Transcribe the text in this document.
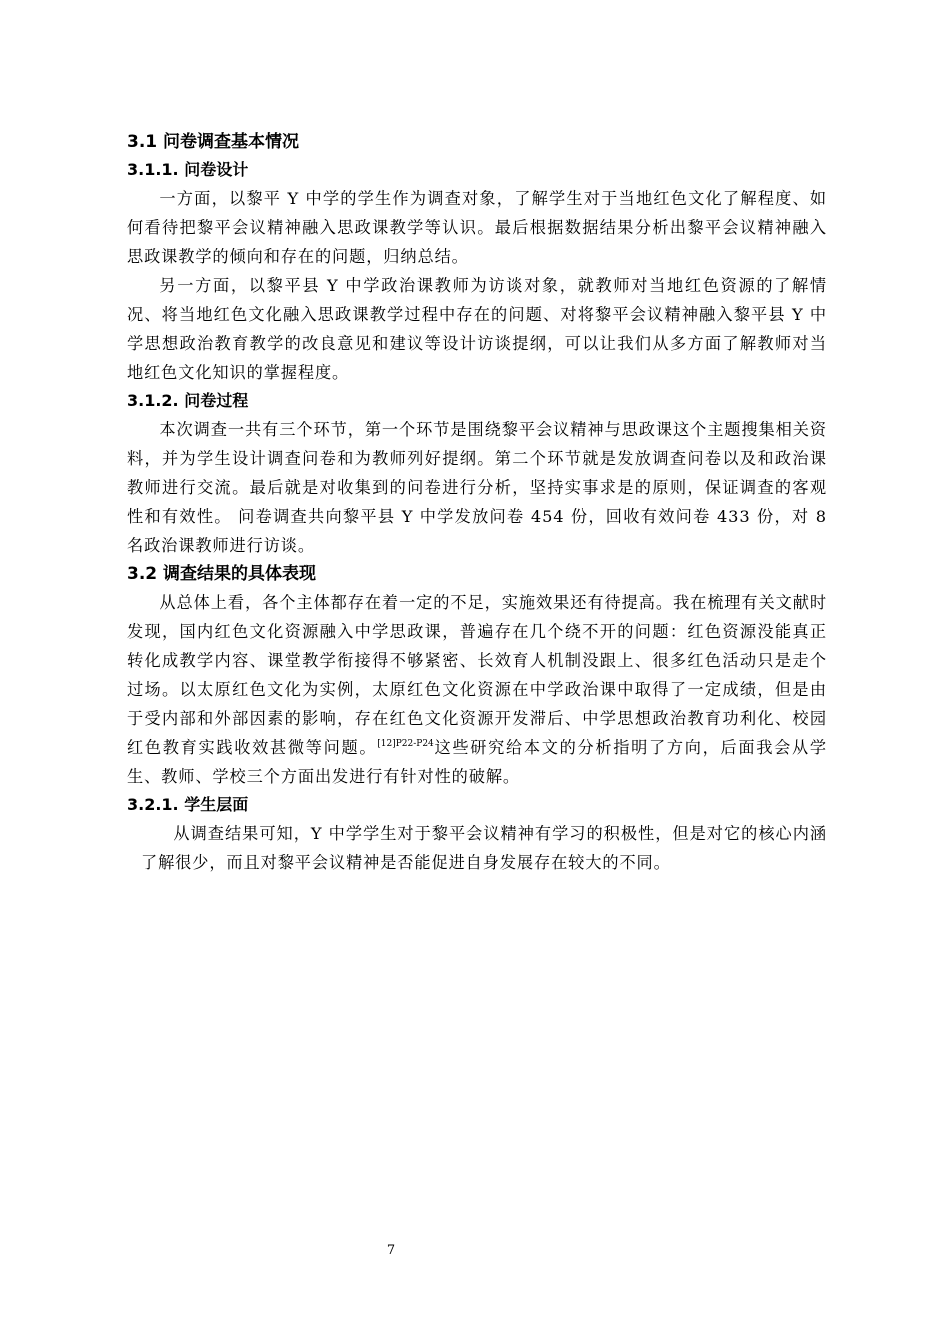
3.1 问卷调查基本情况
3.1.1. 问卷设计

一方面，以黎平 Y 中学的学生作为调查对象，了解学生对于当地红色文化了解程度、如何看待把黎平会议精神融入思政课教学等认识。最后根据数据结果分析出黎平会议精神融入思政课教学的倾向和存在的问题，归纳总结。

另一方面，以黎平县 Y 中学政治课教师为访谈对象，就教师对当地红色资源的了解情况、将当地红色文化融入思政课教学过程中存在的问题、对将黎平会议精神融入黎平县 Y 中学思想政治教育教学的改良意见和建议等设计访谈提纲，可以让我们从多方面了解教师对当地红色文化知识的掌握程度。

3.1.2. 问卷过程

本次调查一共有三个环节，第一个环节是围绕黎平会议精神与思政课这个主题搜集相关资料，并为学生设计调查问卷和为教师列好提纲。第二个环节就是发放调查问卷以及和政治课教师进行交流。最后就是对收集到的问卷进行分析，坚持实事求是的原则，保证调查的客观性和有效性。 问卷调查共向黎平县 Y 中学发放问卷 454 份，回收有效问卷 433 份，对 8 名政治课教师进行访谈。

3.2 调查结果的具体表现

从总体上看，各个主体都存在着一定的不足，实施效果还有待提高。我在梳理有关文献时发现，国内红色文化资源融入中学思政课，普遍存在几个绕不开的问题：红色资源没能真正转化成教学内容、课堂教学衔接得不够紧密、长效育人机制没跟上、很多红色活动只是走个过场。以太原红色文化为实例，太原红色文化资源在中学政治课中取得了一定成绩，但是由于受内部和外部因素的影响，存在红色文化资源开发滞后、中学思想政治教育功利化、校园红色教育实践收效甚微等问题。$^{[12]P22-P24}$这些研究给本文的分析指明了方向，后面我会从学生、教师、学校三个方面出发进行有针对性的破解。

3.2.1. 学生层面

从调查结果可知，Y 中学学生对于黎平会议精神有学习的积极性，但是对它的核心内涵了解很少，而且对黎平会议精神是否能促进自身发展存在较大的不同。

7
